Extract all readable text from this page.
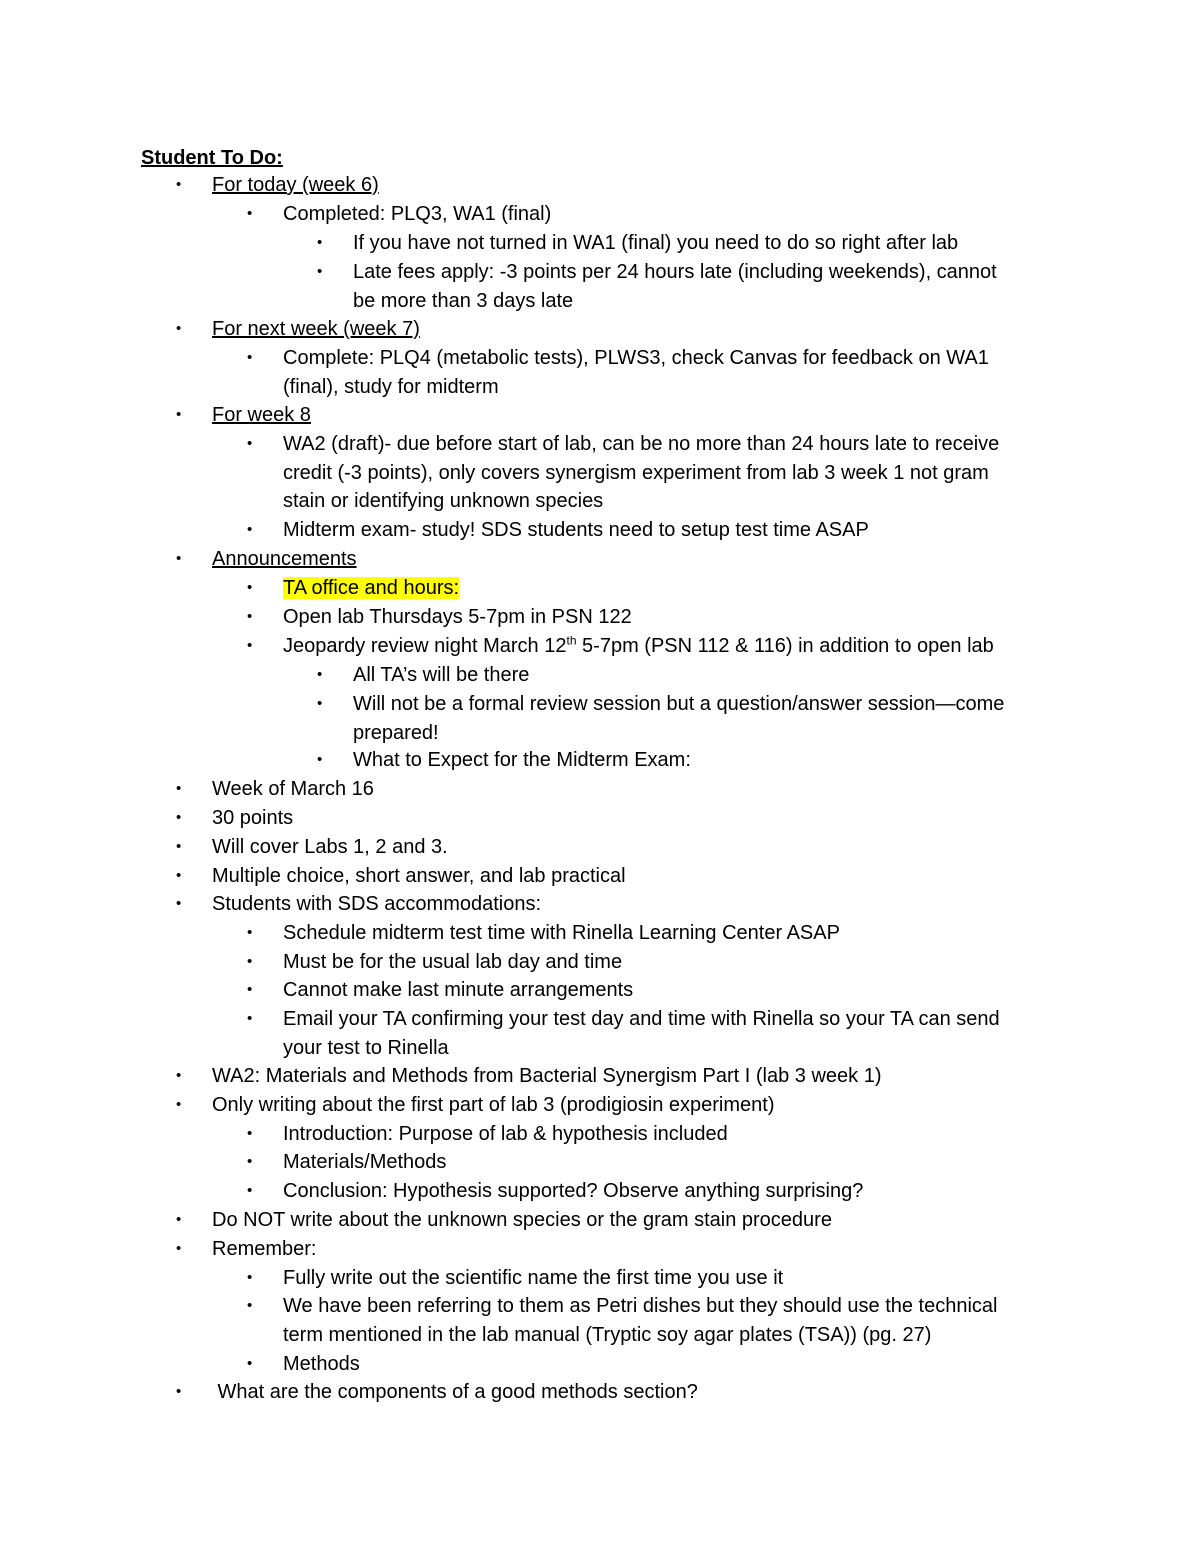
Student To Do:
• For today (week 6)
• Completed: PLQ3, WA1 (final)
• If you have not turned in WA1 (final) you need to do so right after lab
• Late fees apply: -3 points per 24 hours late (including weekends), cannot
be more than 3 days late
• For next week (week 7)
• Complete: PLQ4 (metabolic tests), PLWS3, check Canvas for feedback on WA1
(final), study for midterm
• For week 8
• WA2 (draft)- due before start of lab, can be no more than 24 hours late to receive
credit (-3 points), only covers synergism experiment from lab 3 week 1 not gram
stain or identifying unknown species
• Midterm exam- study! SDS students need to setup test time ASAP
• Announcements
• TA office and hours:
• Open lab Thursdays 5-7pm in PSN 122
• Jeopardy review night March 12th 5-7pm (PSN 112 & 116) in addition to open lab
• All TA’s will be there
• Will not be a formal review session but a question/answer session—come
prepared!
• What to Expect for the Midterm Exam:
• Week of March 16
• 30 points
• Will cover Labs 1, 2 and 3.
• Multiple choice, short answer, and lab practical
• Students with SDS accommodations:
• Schedule midterm test time with Rinella Learning Center ASAP
• Must be for the usual lab day and time
• Cannot make last minute arrangements
• Email your TA confirming your test day and time with Rinella so your TA can send
your test to Rinella
• WA2: Materials and Methods from Bacterial Synergism Part I (lab 3 week 1)
• Only writing about the first part of lab 3 (prodigiosin experiment)
• Introduction: Purpose of lab & hypothesis included
• Materials/Methods
• Conclusion: Hypothesis supported? Observe anything surprising?
• Do NOT write about the unknown species or the gram stain procedure
• Remember:
• Fully write out the scientific name the first time you use it
• We have been referring to them as Petri dishes but they should use the technical
term mentioned in the lab manual (Tryptic soy agar plates (TSA)) (pg. 27)
• Methods
• What are the components of a good methods section?
